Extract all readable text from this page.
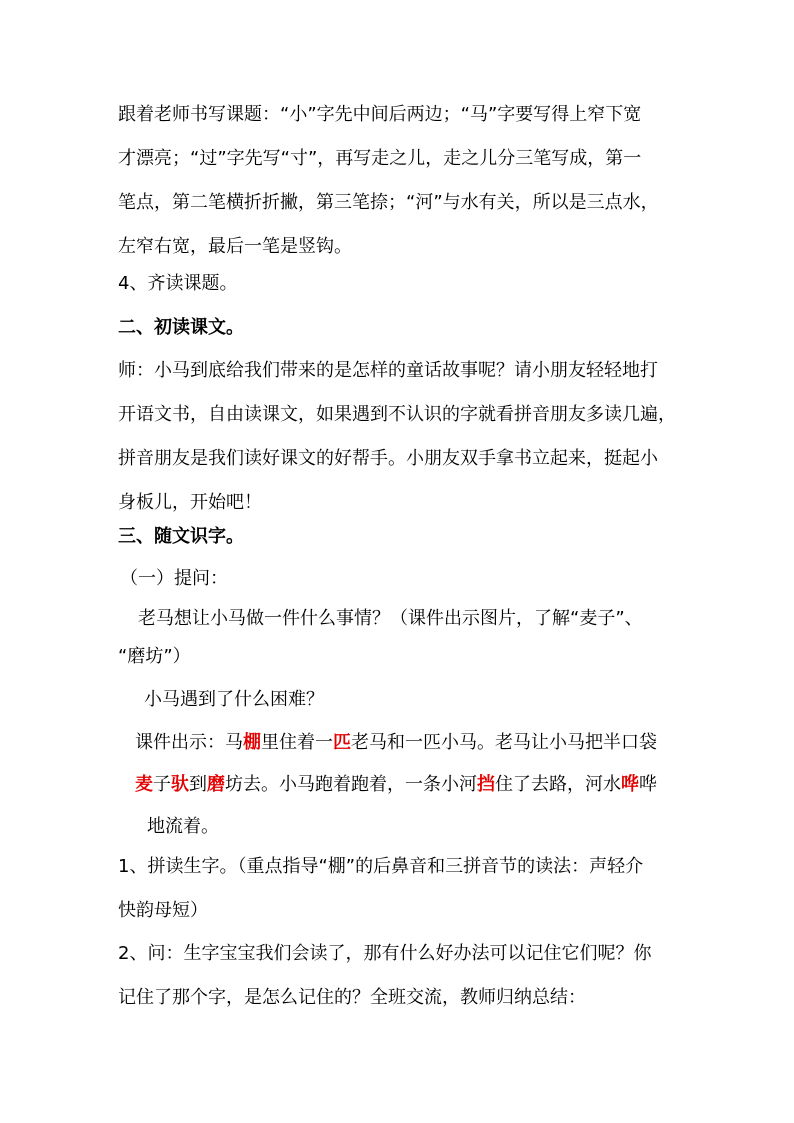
跟着老师书写课题：“小”字先中间后两边；“马”字要写得上窄下宽
才漂亮；“过”字先写“寸”，再写走之儿，走之儿分三笔写成，第一
笔点，第二笔横折折撇，第三笔捺；“河”与水有关，所以是三点水，
左窄右宽，最后一笔是竖钩。
4、齐读课题。
二、初读课文。
师：小马到底给我们带来的是怎样的童话故事呢？请小朋友轻轻地打
开语文书，自由读课文，如果遇到不认识的字就看拼音朋友多读几遍，
拼音朋友是我们读好课文的好帮手。小朋友双手拿书立起来，挺起小
身板儿，开始吧！
三、随文识字。
（一）提问：
老马想让小马做一件什么事情？（课件出示图片，了解“麦子”、
“磨坊”）
小马遇到了什么困难？
课件出示：马棚里住着一匹老马和一匹小马。老马让小马把半口袋
麦子驮到磨坊去。小马跑着跑着，一条小河挡住了去路，河水哗哗
地流着。
1、拼读生字。（重点指导“棚”的后鼻音和三拼音节的读法：声轻介
快韵母短）
2、问：生字宝宝我们会读了，那有什么好办法可以记住它们呢？你
记住了那个字，是怎么记住的？全班交流，教师归纳总结：
